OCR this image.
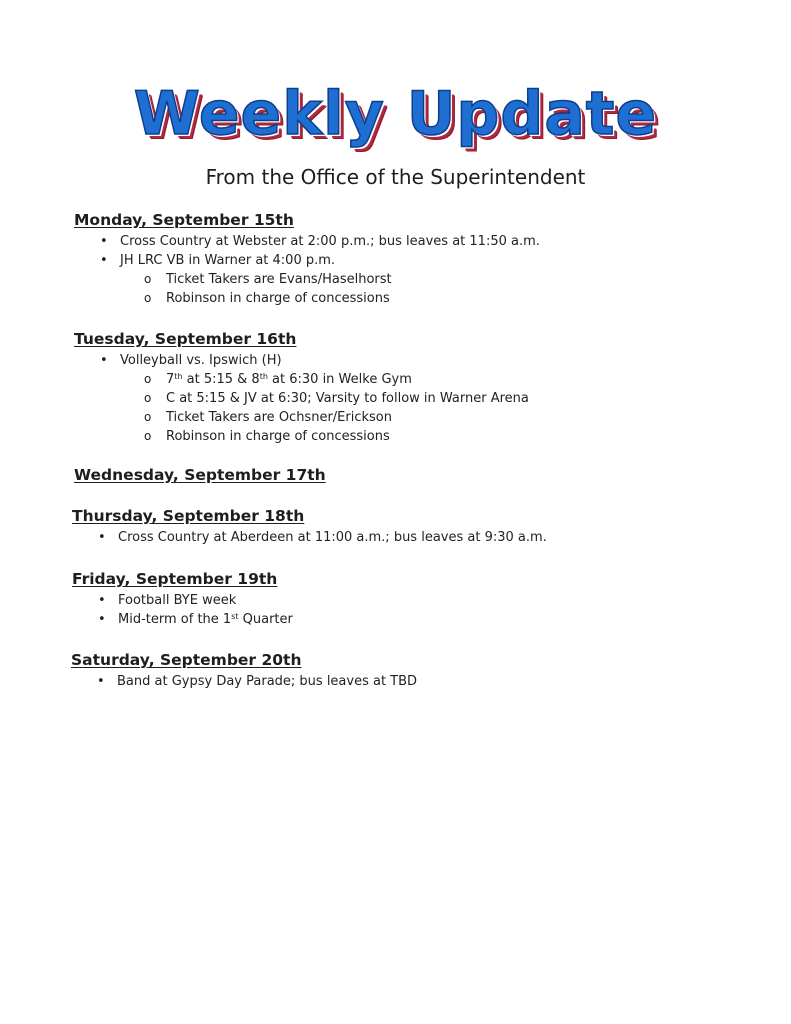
Weekly Update
From the Office of the Superintendent
Monday, September 15th
• Cross Country at Webster at 2:00 p.m.; bus leaves at 11:50 a.m.
• JH LRC VB in Warner at 4:00 p.m.
o Ticket Takers are Evans/Haselhorst
o Robinson in charge of concessions
Tuesday, September 16th
• Volleyball vs. Ipswich (H)
o 7th at 5:15 & 8th at 6:30 in Welke Gym
o C at 5:15 & JV at 6:30; Varsity to follow in Warner Arena
o Ticket Takers are Ochsner/Erickson
o Robinson in charge of concessions
Wednesday, September 17th
Thursday, September 18th
• Cross Country at Aberdeen at 11:00 a.m.; bus leaves at 9:30 a.m.
Friday, September 19th
• Football BYE week
• Mid-term of the 1st Quarter
Saturday, September 20th
• Band at Gypsy Day Parade; bus leaves at TBD
